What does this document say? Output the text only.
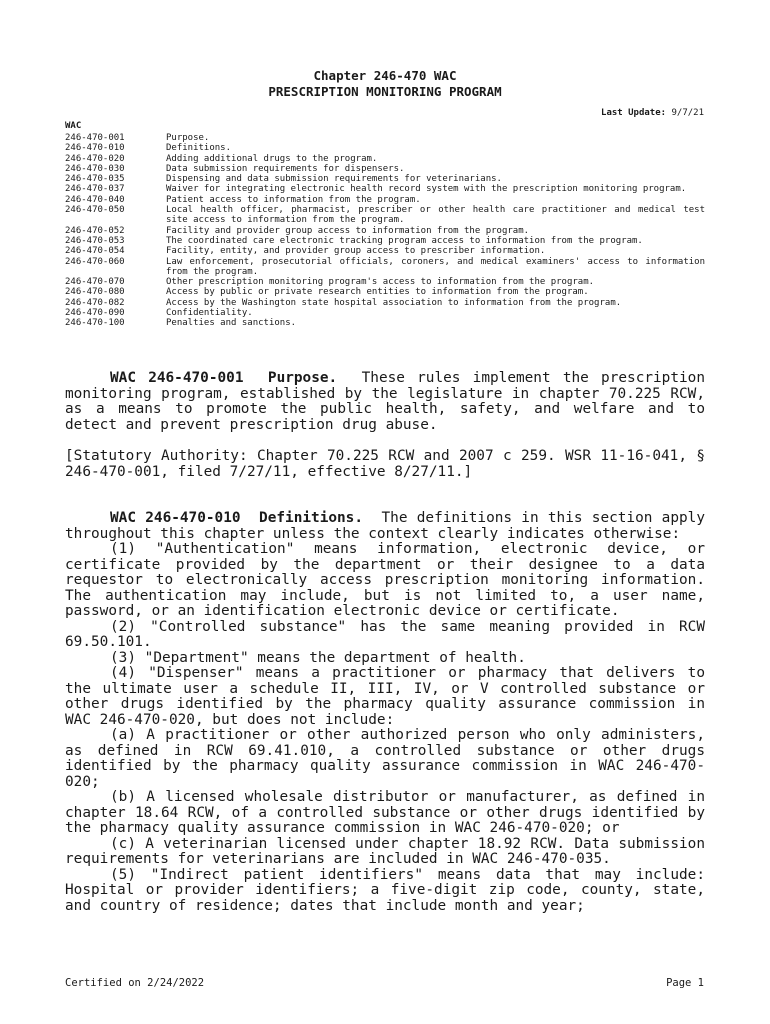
Chapter 246-470 WAC
PRESCRIPTION MONITORING PROGRAM
Last Update: 9/7/21
WAC
246-470-001	Purpose.
246-470-010	Definitions.
246-470-020	Adding additional drugs to the program.
246-470-030	Data submission requirements for dispensers.
246-470-035	Dispensing and data submission requirements for veterinarians.
246-470-037	Waiver for integrating electronic health record system with the prescription monitoring program.
246-470-040	Patient access to information from the program.
246-470-050	Local health officer, pharmacist, prescriber or other health care practitioner and medical test site access to information from the program.
246-470-052	Facility and provider group access to information from the program.
246-470-053	The coordinated care electronic tracking program access to information from the program.
246-470-054	Facility, entity, and provider group access to prescriber information.
246-470-060	Law enforcement, prosecutorial officials, coroners, and medical examiners' access to information from the program.
246-470-070	Other prescription monitoring program's access to information from the program.
246-470-080	Access by public or private research entities to information from the program.
246-470-082	Access by the Washington state hospital association to information from the program.
246-470-090	Confidentiality.
246-470-100	Penalties and sanctions.
WAC 246-470-001 Purpose. These rules implement the prescription monitoring program, established by the legislature in chapter 70.225 RCW, as a means to promote the public health, safety, and welfare and to detect and prevent prescription drug abuse.
[Statutory Authority: Chapter 70.225 RCW and 2007 c 259. WSR 11-16-041, § 246-470-001, filed 7/27/11, effective 8/27/11.]
WAC 246-470-010 Definitions. The definitions in this section apply throughout this chapter unless the context clearly indicates otherwise:
(1) "Authentication" means information, electronic device, or certificate provided by the department or their designee to a data requestor to electronically access prescription monitoring information. The authentication may include, but is not limited to, a user name, password, or an identification electronic device or certificate.
(2) "Controlled substance" has the same meaning provided in RCW 69.50.101.
(3) "Department" means the department of health.
(4) "Dispenser" means a practitioner or pharmacy that delivers to the ultimate user a schedule II, III, IV, or V controlled substance or other drugs identified by the pharmacy quality assurance commission in WAC 246-470-020, but does not include:
(a) A practitioner or other authorized person who only administers, as defined in RCW 69.41.010, a controlled substance or other drugs identified by the pharmacy quality assurance commission in WAC 246-470-020;
(b) A licensed wholesale distributor or manufacturer, as defined in chapter 18.64 RCW, of a controlled substance or other drugs identified by the pharmacy quality assurance commission in WAC 246-470-020; or
(c) A veterinarian licensed under chapter 18.92 RCW. Data submission requirements for veterinarians are included in WAC 246-470-035.
(5) "Indirect patient identifiers" means data that may include: Hospital or provider identifiers; a five-digit zip code, county, state, and country of residence; dates that include month and year;
Certified on 2/24/2022	Page 1
